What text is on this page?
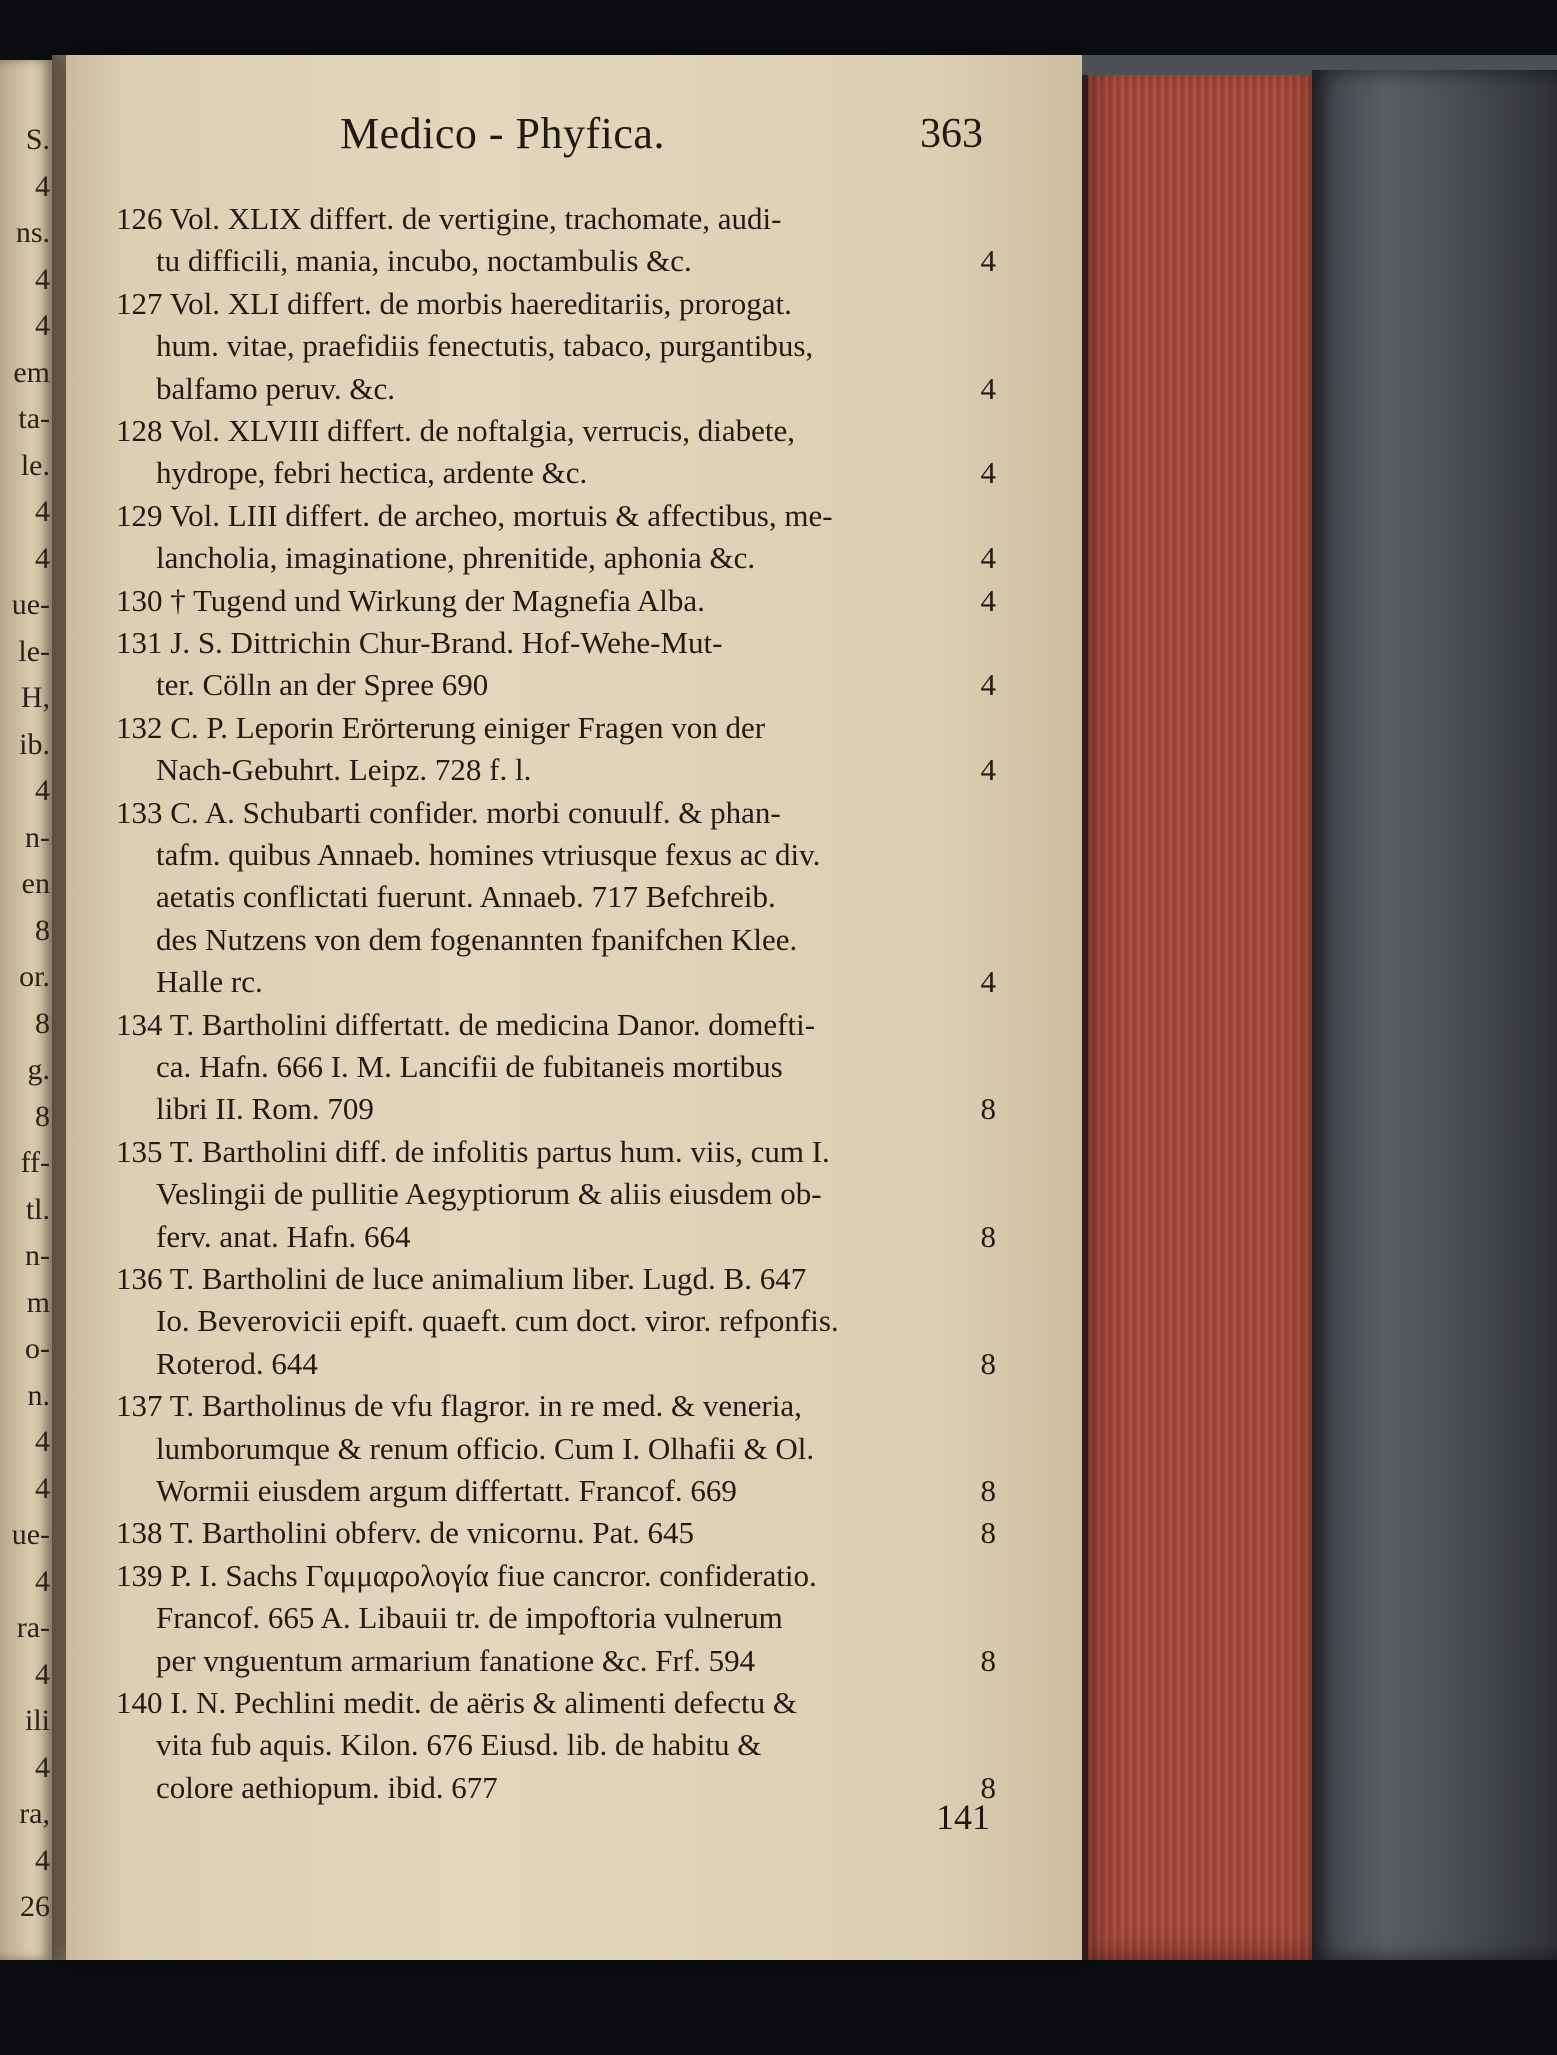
S.
4
ns.
4
4
em
ta-
le.
4
4
ue-
le-
H,
ib.
4
n-
en
8
or.
8
g.
8
ff-
tl.
n-
m
o-
n.
4
4
ue-
4
ra-
4
ili
4
ra,
4
26
Medico - Phyfica.	363
126 Vol. XLIX differt. de vertigine, trachomate, audi-
tu difficili, mania, incubo, noctambulis &c.	4
127 Vol. XLI differt. de morbis haereditariis, prorogat.
hum. vitae, praefidiis fenectutis, tabaco, purgantibus,
balfamo peruv. &c.	4
128 Vol. XLVIII differt. de noftalgia, verrucis, diabete,
hydrope, febri hectica, ardente &c.	4
129 Vol. LIII differt. de archeo, mortuis & affectibus, me-
lancholia, imaginatione, phrenitide, aphonia &c.	4
130 † Tugend und Wirkung der Magnefia Alba.	4
131 J. S. Dittrichin Chur-Brand. Hof-Wehe-Mut-
ter. Cölln an der Spree 690	4
132 C. P. Leporin Erörterung einiger Fragen von der
Nach-Gebuhrt. Leipz. 728 f. l.	4
133 C. A. Schubarti confider. morbi conuulf. & phan-
tafm. quibus Annaeb. homines vtriusque fexus ac div.
aetatis conflictati fuerunt. Annaeb. 717 Befchreib.
des Nutzens von dem fogenannten fpanifchen Klee.
Halle rc.	4
134 T. Bartholini differtatt. de medicina Danor. domefti-
ca. Hafn. 666 I. M. Lancifii de fubitaneis mortibus
libri II. Rom. 709	8
135 T. Bartholini diff. de infolitis partus hum. viis, cum I.
Veslingii de pullitie Aegyptiorum & aliis eiusdem ob-
ferv. anat. Hafn. 664	8
136 T. Bartholini de luce animalium liber. Lugd. B. 647
Io. Beverovicii epift. quaeft. cum doct. viror. refponfis.
Roterod. 644	8
137 T. Bartholinus de vfu flagror. in re med. & veneria,
lumborumque & renum officio. Cum I. Olhafii & Ol.
Wormii eiusdem argum differtatt. Francof. 669	8
138 T. Bartholini obferv. de vnicornu. Pat. 645	8
139 P. I. Sachs Γαμμαρολογία fiue cancror. confideratio.
Francof. 665 A. Libauii tr. de impoftoria vulnerum
per vnguentum armarium fanatione &c. Frf. 594	8
140 I. N. Pechlini medit. de aëris & alimenti defectu &
vita fub aquis. Kilon. 676 Eiusd. lib. de habitu &
colore aethiopum. ibid. 677	8
141
